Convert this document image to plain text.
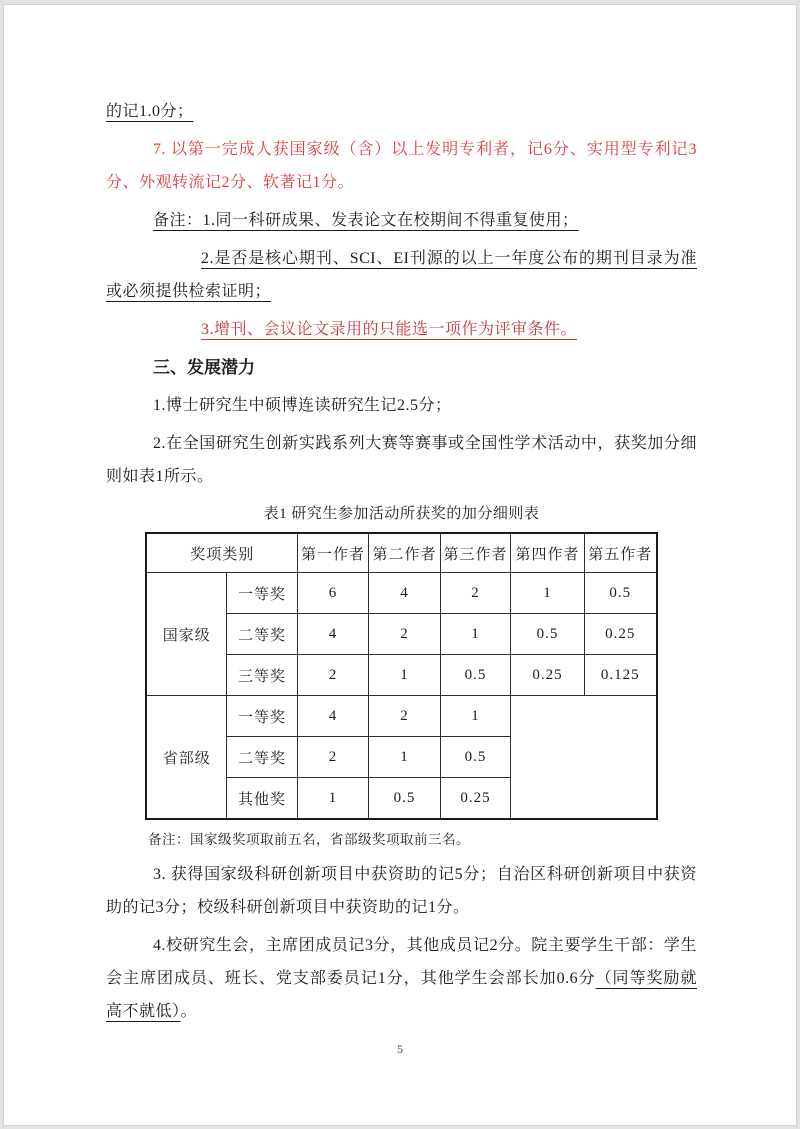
的记1.0分；

7. 以第一完成人获国家级（含）以上发明专利者，记6分、实用型专利记3分、外观转流记2分、软著记1分。

备注：1.同一科研成果、发表论文在校期间不得重复使用；

2.是否是核心期刊、SCI、EI刊源的以上一年度公布的期刊目录为准或必须提供检索证明；

3.增刊、会议论文录用的只能选一项作为评审条件。

三、发展潜力

1.博士研究生中硕博连读研究生记2.5分；

2.在全国研究生创新实践系列大赛等赛事或全国性学术活动中，获奖加分细则如表1所示。

表1 研究生参加活动所获奖的加分细则表

奖项类别		第一作者	第二作者	第三作者	第四作者	第五作者
国家级	一等奖	6	4	2	1	0.5
	二等奖	4	2	1	0.5	0.25
	三等奖	2	1	0.5	0.25	0.125
省部级	一等奖	4	2	1		
	二等奖	2	1	0.5		
	其他奖	1	0.5	0.25		

备注：国家级奖项取前五名，省部级奖项取前三名。

3. 获得国家级科研创新项目中获资助的记5分；自治区科研创新项目中获资助的记3分；校级科研创新项目中获资助的记1分。

4.校研究生会，主席团成员记3分，其他成员记2分。院主要学生干部：学生会主席团成员、班长、党支部委员记1分，其他学生会部长加0.6分（同等奖励就高不就低）。

5
